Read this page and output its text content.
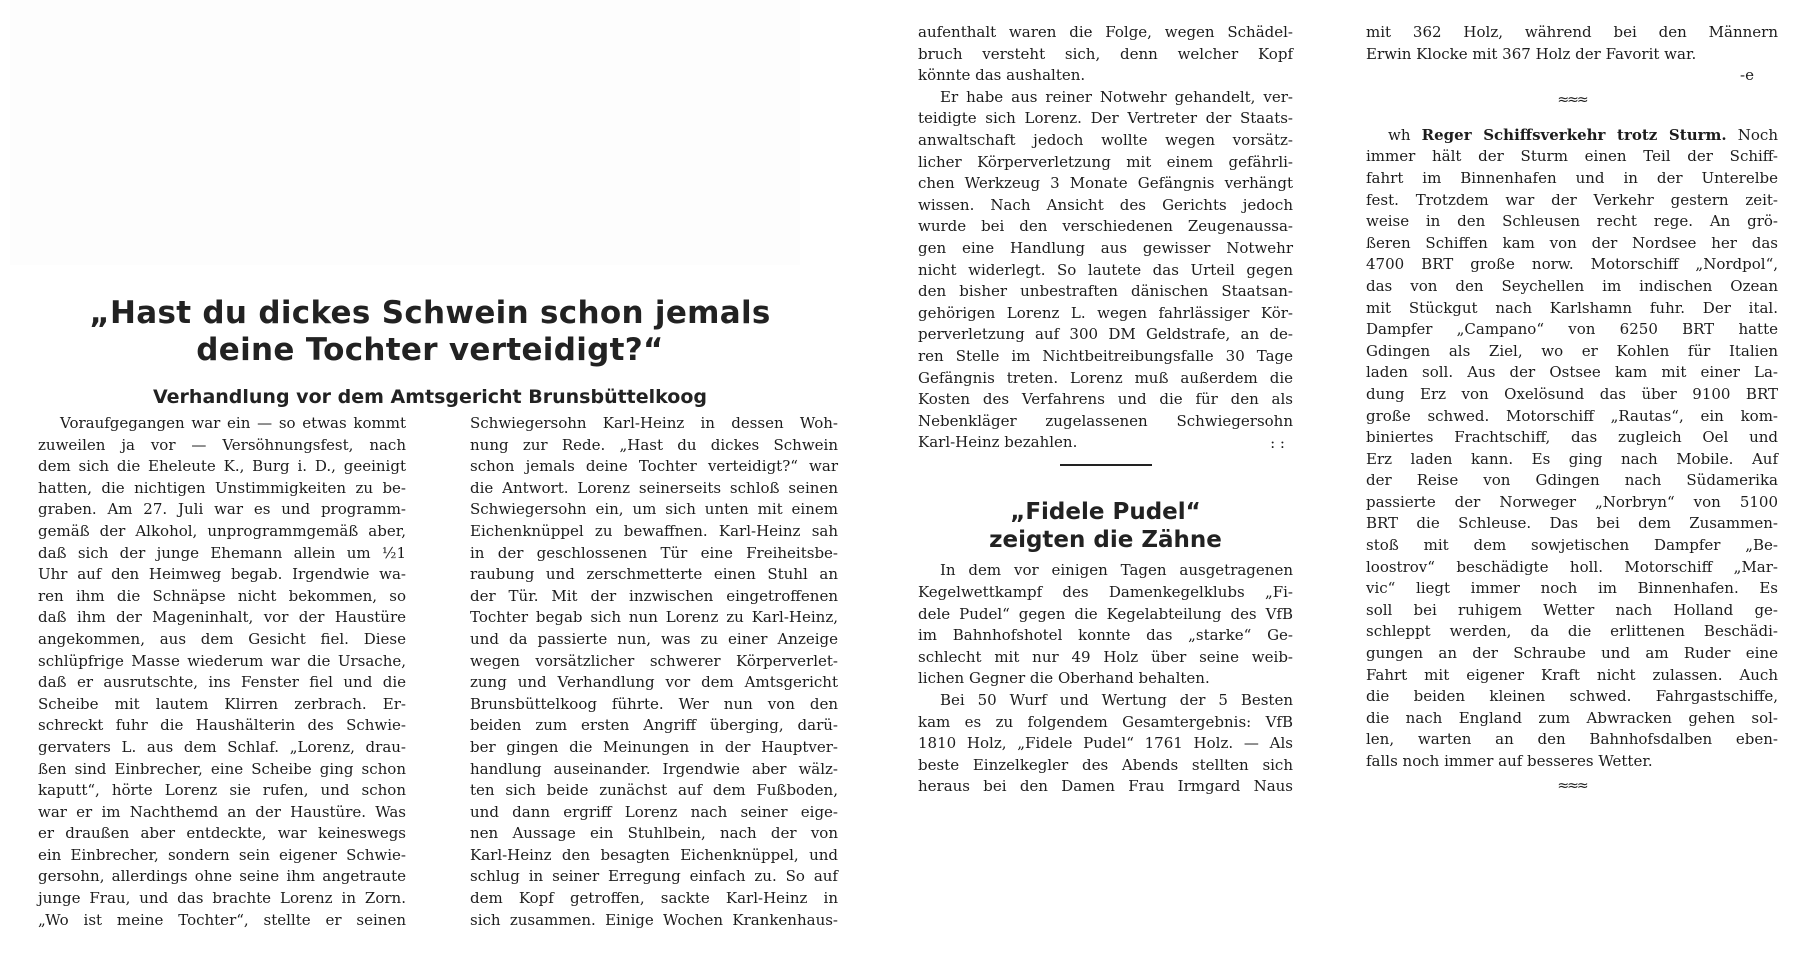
„Hast du dickes Schwein schon jemals
deine Tochter verteidigt?“
Verhandlung vor dem Amtsgericht Brunsbüttelkoog
Voraufgegangen war ein — so etwas kommt
zuweilen ja vor — Versöhnungsfest, nach
dem sich die Eheleute K., Burg i. D., geeinigt
hatten, die nichtigen Unstimmigkeiten zu be-
graben. Am 27. Juli war es und programm-
gemäß der Alkohol, unprogrammgemäß aber,
daß sich der junge Ehemann allein um ½1
Uhr auf den Heimweg begab. Irgendwie wa-
ren ihm die Schnäpse nicht bekommen, so
daß ihm der Mageninhalt, vor der Haustüre
angekommen, aus dem Gesicht fiel. Diese
schlüpfrige Masse wiederum war die Ursache,
daß er ausrutschte, ins Fenster fiel und die
Scheibe mit lautem Klirren zerbrach. Er-
schreckt fuhr die Haushälterin des Schwie-
gervaters L. aus dem Schlaf. „Lorenz, drau-
ßen sind Einbrecher, eine Scheibe ging schon
kaputt“, hörte Lorenz sie rufen, und schon
war er im Nachthemd an der Haustüre. Was
er draußen aber entdeckte, war keineswegs
ein Einbrecher, sondern sein eigener Schwie-
gersohn, allerdings ohne seine ihm angetraute
junge Frau, und das brachte Lorenz in Zorn.
„Wo ist meine Tochter“, stellte er seinen
Schwiegersohn Karl-Heinz in dessen Woh-
nung zur Rede. „Hast du dickes Schwein
schon jemals deine Tochter verteidigt?“ war
die Antwort. Lorenz seinerseits schloß seinen
Schwiegersohn ein, um sich unten mit einem
Eichenknüppel zu bewaffnen. Karl-Heinz sah
in der geschlossenen Tür eine Freiheitsbe-
raubung und zerschmetterte einen Stuhl an
der Tür. Mit der inzwischen eingetroffenen
Tochter begab sich nun Lorenz zu Karl-Heinz,
und da passierte nun, was zu einer Anzeige
wegen vorsätzlicher schwerer Körperverlet-
zung und Verhandlung vor dem Amtsgericht
Brunsbüttelkoog führte. Wer nun von den
beiden zum ersten Angriff überging, darü-
ber gingen die Meinungen in der Hauptver-
handlung auseinander. Irgendwie aber wälz-
ten sich beide zunächst auf dem Fußboden,
und dann ergriff Lorenz nach seiner eige-
nen Aussage ein Stuhlbein, nach der von
Karl-Heinz den besagten Eichenknüppel, und
schlug in seiner Erregung einfach zu. So auf
dem Kopf getroffen, sackte Karl-Heinz in
sich zusammen. Einige Wochen Krankenhaus-
aufenthalt waren die Folge, wegen Schädel-
bruch versteht sich, denn welcher Kopf
könnte das aushalten.
Er habe aus reiner Notwehr gehandelt, ver-
teidigte sich Lorenz. Der Vertreter der Staats-
anwaltschaft jedoch wollte wegen vorsätz-
licher Körperverletzung mit einem gefährli-
chen Werkzeug 3 Monate Gefängnis verhängt
wissen. Nach Ansicht des Gerichts jedoch
wurde bei den verschiedenen Zeugenaussa-
gen eine Handlung aus gewisser Notwehr
nicht widerlegt. So lautete das Urteil gegen
den bisher unbestraften dänischen Staatsan-
gehörigen Lorenz L. wegen fahrlässiger Kör-
perverletzung auf 300 DM Geldstrafe, an de-
ren Stelle im Nichtbeitreibungsfalle 30 Tage
Gefängnis treten. Lorenz muß außerdem die
Kosten des Verfahrens und die für den als
Nebenkläger zugelassenen Schwiegersohn
Karl-Heinz bezahlen.	: :
„Fidele Pudel“
zeigten die Zähne
In dem vor einigen Tagen ausgetragenen
Kegelwettkampf des Damenkegelklubs „Fi-
dele Pudel“ gegen die Kegelabteilung des VfB
im Bahnhofshotel konnte das „starke“ Ge-
schlecht mit nur 49 Holz über seine weib-
lichen Gegner die Oberhand behalten.
Bei 50 Wurf und Wertung der 5 Besten
kam es zu folgendem Gesamtergebnis: VfB
1810 Holz, „Fidele Pudel“ 1761 Holz. — Als
beste Einzelkegler des Abends stellten sich
heraus bei den Damen Frau Irmgard Naus
mit 362 Holz, während bei den Männern
Erwin Klocke mit 367 Holz der Favorit war.
-e
≈≈≈
wh Reger Schiffsverkehr trotz Sturm. Noch
immer hält der Sturm einen Teil der Schiff-
fahrt im Binnenhafen und in der Unterelbe
fest. Trotzdem war der Verkehr gestern zeit-
weise in den Schleusen recht rege. An grö-
ßeren Schiffen kam von der Nordsee her das
4700 BRT große norw. Motorschiff „Nordpol“,
das von den Seychellen im indischen Ozean
mit Stückgut nach Karlshamn fuhr. Der ital.
Dampfer „Campano“ von 6250 BRT hatte
Gdingen als Ziel, wo er Kohlen für Italien
laden soll. Aus der Ostsee kam mit einer La-
dung Erz von Oxelösund das über 9100 BRT
große schwed. Motorschiff „Rautas“, ein kom-
biniertes Frachtschiff, das zugleich Oel und
Erz laden kann. Es ging nach Mobile. Auf
der Reise von Gdingen nach Südamerika
passierte der Norweger „Norbryn“ von 5100
BRT die Schleuse. Das bei dem Zusammen-
stoß mit dem sowjetischen Dampfer „Be-
loostrov“ beschädigte holl. Motorschiff „Mar-
vic“ liegt immer noch im Binnenhafen. Es
soll bei ruhigem Wetter nach Holland ge-
schleppt werden, da die erlittenen Beschädi-
gungen an der Schraube und am Ruder eine
Fahrt mit eigener Kraft nicht zulassen. Auch
die beiden kleinen schwed. Fahrgastschiffe,
die nach England zum Abwracken gehen sol-
len, warten an den Bahnhofsdalben eben-
falls noch immer auf besseres Wetter.
≈≈≈
